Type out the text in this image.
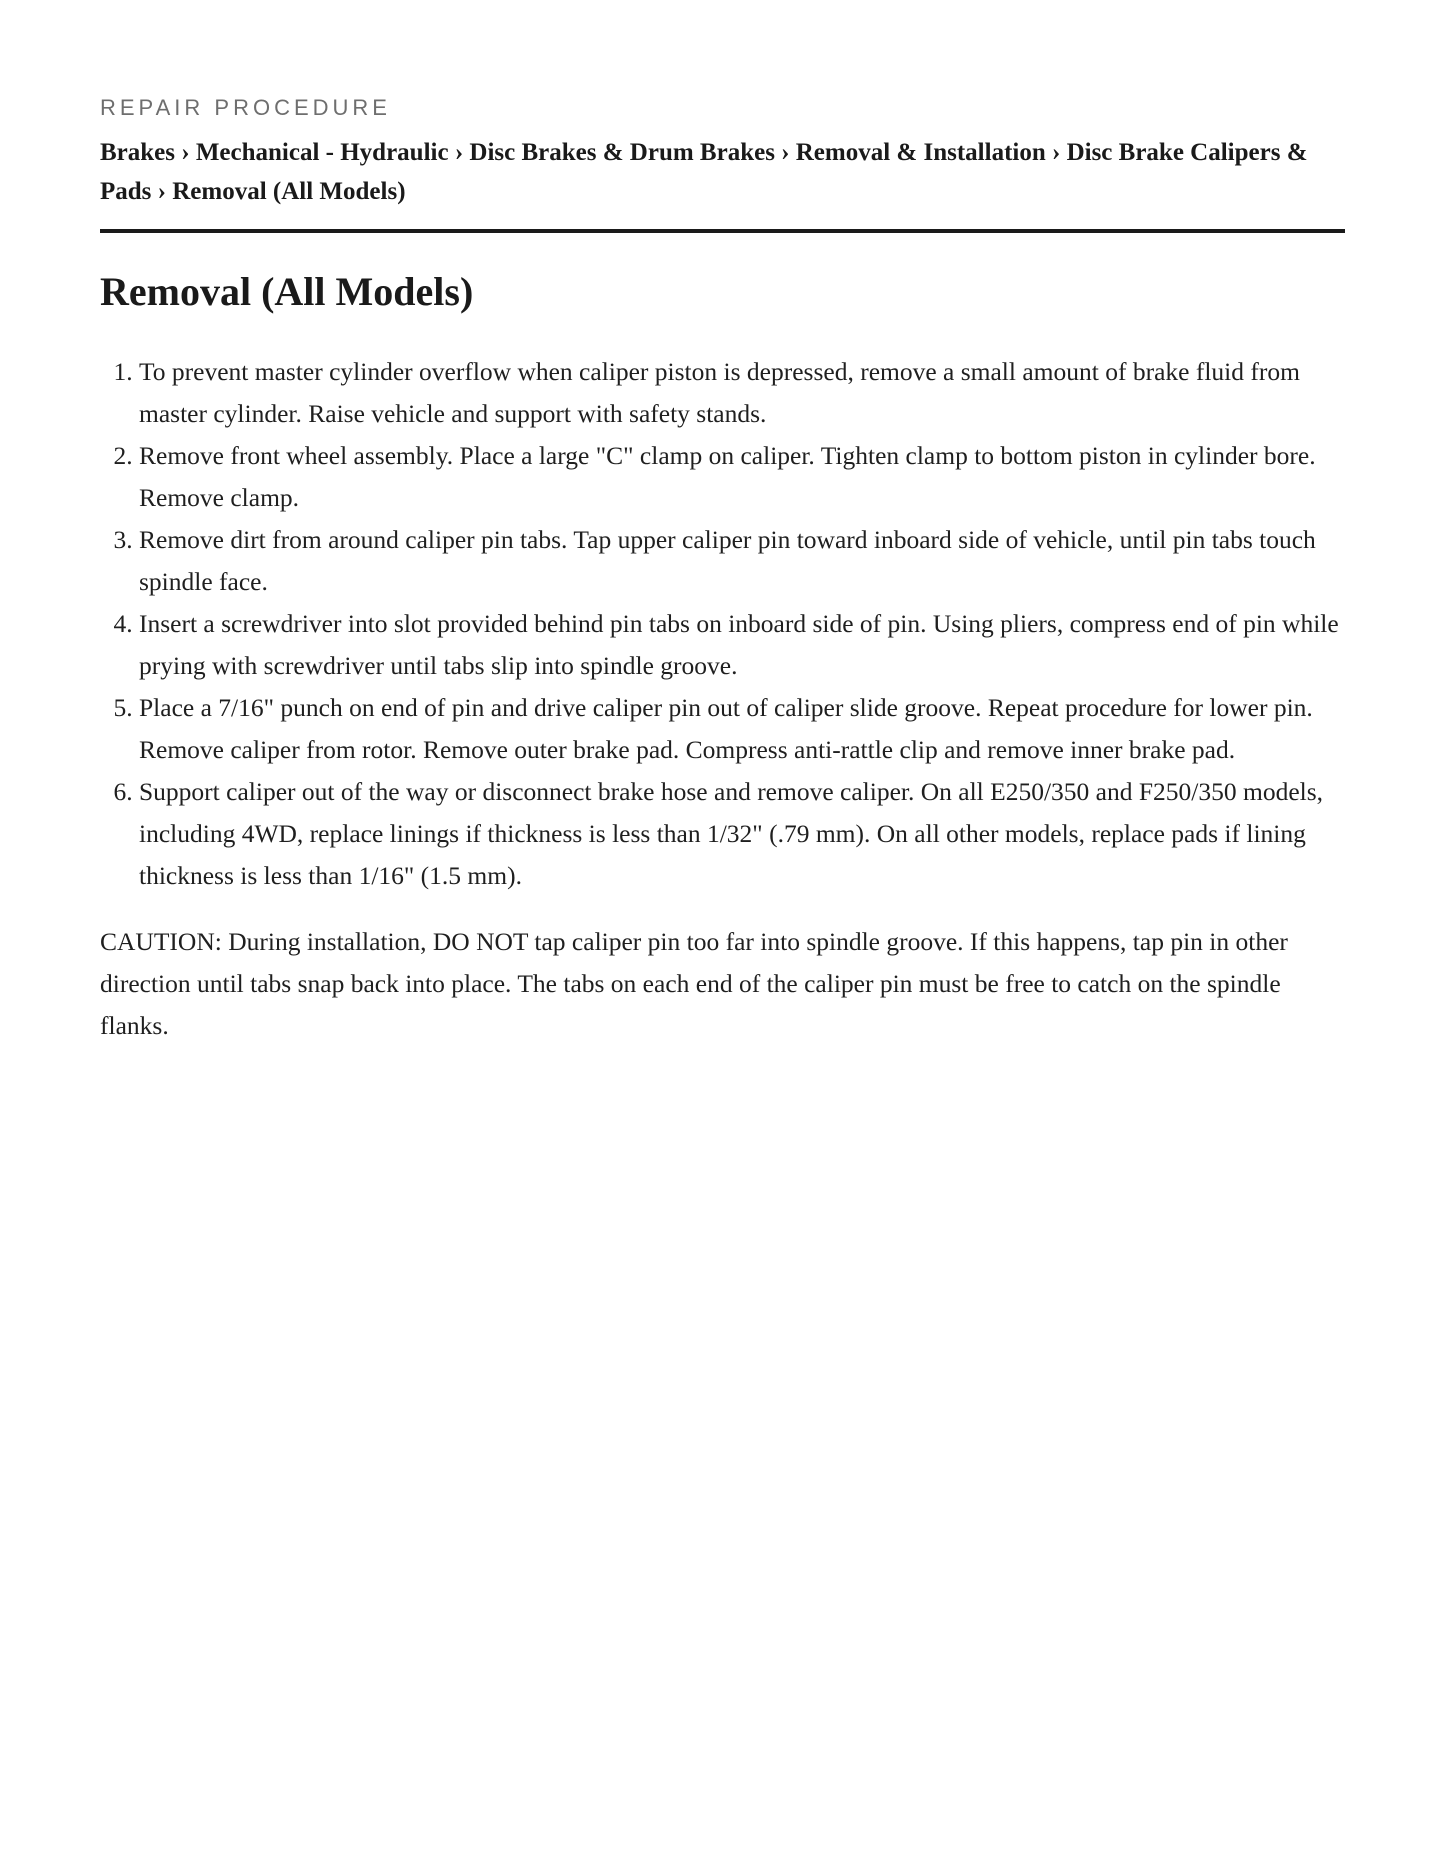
REPAIR PROCEDURE
Brakes › Mechanical - Hydraulic › Disc Brakes & Drum Brakes › Removal & Installation › Disc Brake Calipers & Pads › Removal (All Models)
Removal (All Models)
1. To prevent master cylinder overflow when caliper piston is depressed, remove a small amount of brake fluid from master cylinder. Raise vehicle and support with safety stands.
2. Remove front wheel assembly. Place a large "C" clamp on caliper. Tighten clamp to bottom piston in cylinder bore. Remove clamp.
3. Remove dirt from around caliper pin tabs. Tap upper caliper pin toward inboard side of vehicle, until pin tabs touch spindle face.
4. Insert a screwdriver into slot provided behind pin tabs on inboard side of pin. Using pliers, compress end of pin while prying with screwdriver until tabs slip into spindle groove.
5. Place a 7/16" punch on end of pin and drive caliper pin out of caliper slide groove. Repeat procedure for lower pin. Remove caliper from rotor. Remove outer brake pad. Compress anti-rattle clip and remove inner brake pad.
6. Support caliper out of the way or disconnect brake hose and remove caliper. On all E250/350 and F250/350 models, including 4WD, replace linings if thickness is less than 1/32" (.79 mm). On all other models, replace pads if lining thickness is less than 1/16" (1.5 mm).

CAUTION: During installation, DO NOT tap caliper pin too far into spindle groove. If this happens, tap pin in other direction until tabs snap back into place. The tabs on each end of the caliper pin must be free to catch on the spindle flanks.
